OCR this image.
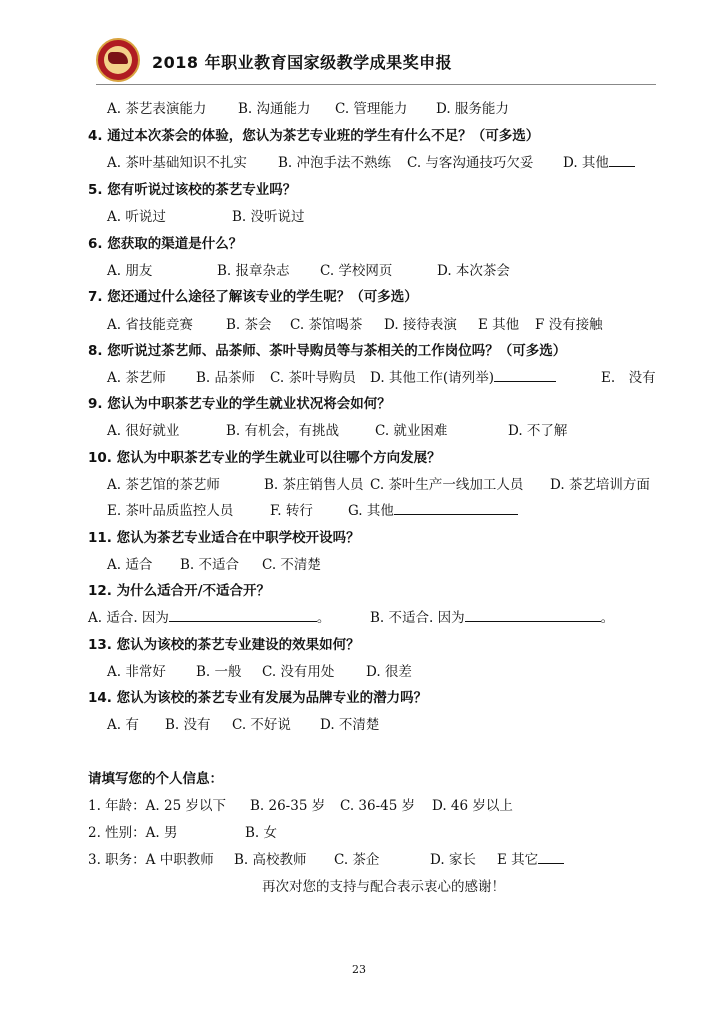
2018 年职业教育国家级教学成果奖申报
A. 茶艺表演能力 B. 沟通能力 C. 管理能力 D. 服务能力
4. 通过本次茶会的体验，您认为茶艺专业班的学生有什么不足？（可多选）
A. 茶叶基础知识不扎实 B. 冲泡手法不熟练 C. 与客沟通技巧欠妥 D. 其他
5. 您有听说过该校的茶艺专业吗？
A. 听说过	B. 没听说过
6. 您获取的渠道是什么？
A. 朋友	B. 报章杂志 C. 学校网页	D. 本次茶会
7. 您还通过什么途径了解该专业的学生呢？（可多选）
A. 省技能竞赛 B. 茶会 C. 茶馆喝茶 D. 接待表演 E 其他 F 没有接触
8. 您听说过茶艺师、品茶师、茶叶导购员等与茶相关的工作岗位吗？（可多选）
A. 茶艺师 B. 品茶师 C. 茶叶导购员 D. 其他工作(请列举)	E.　没有
9. 您认为中职茶艺专业的学生就业状况将会如何？
A. 很好就业	B. 有机会，有挑战	C. 就业困难	D. 不了解
10. 您认为中职茶艺专业的学生就业可以往哪个方向发展？
A. 茶艺馆的茶艺师	B. 茶庄销售人员 C. 茶叶生产一线加工人员 D. 茶艺培训方面
E. 茶叶品质监控人员	F. 转行	G. 其他
11. 您认为茶艺专业适合在中职学校开设吗？
A. 适合 B. 不适合 C. 不清楚
12. 为什么适合开/不适合开？
A. 适合. 因为	。	B. 不适合. 因为	。
13. 您认为该校的茶艺专业建设的效果如何？
A. 非常好 B. 一般 C. 没有用处 D. 很差
14. 您认为该校的茶艺专业有发展为品牌专业的潜力吗？
A. 有 B. 没有 C. 不好说 D. 不清楚
请填写您的个人信息：
1. 年龄：A. 25 岁以下 B. 26-35 岁 C. 36-45 岁 D. 46 岁以上
2. 性别：A. 男	B. 女
3. 职务：A 中职教师 B. 高校教师 C. 茶企	D. 家长 E 其它
再次对您的支持与配合表示衷心的感谢！
23
